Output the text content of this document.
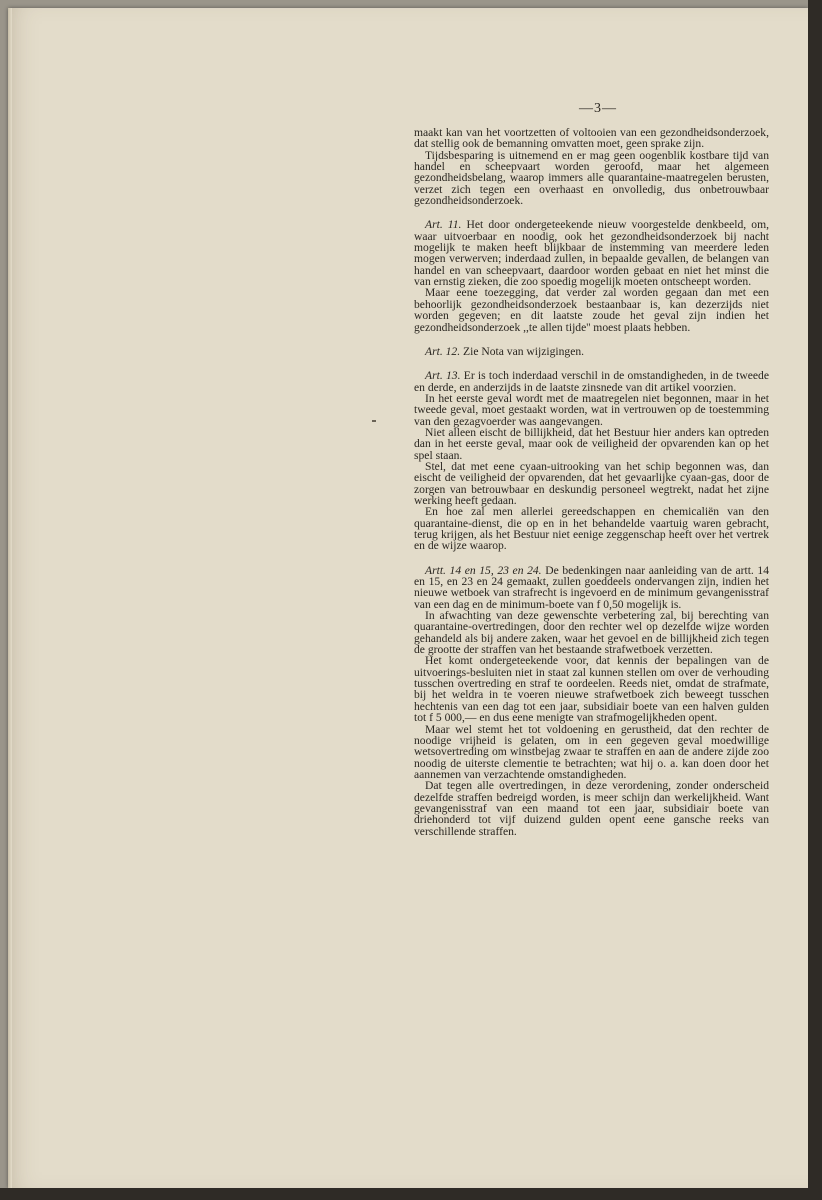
—3—

maakt kan van het voortzetten of voltooien van een gezondheidsonderzoek, dat stellig ook de bemanning omvatten moet, geen sprake zijn.

Tijdsbesparing is uitnemend en er mag geen oogenblik kostbare tijd van handel en scheepvaart worden geroofd, maar het algemeen gezondheidsbelang, waarop immers alle quarantaine-maatregelen berusten, verzet zich tegen een overhaast en onvolledig, dus onbetrouwbaar gezondheidsonderzoek.

Art. 11. Het door ondergeteekende nieuw voorgestelde denkbeeld, om, waar uitvoerbaar en noodig, ook het gezondheidsonderzoek bij nacht mogelijk te maken heeft blijkbaar de instemming van meerdere leden mogen verwerven; inderdaad zullen, in bepaalde gevallen, de belangen van handel en van scheepvaart, daardoor worden gebaat en niet het minst die van ernstig zieken, die zoo spoedig mogelijk moeten ontscheept worden.

Maar eene toezegging, dat verder zal worden gegaan dan met een behoorlijk gezondheidsonderzoek bestaanbaar is, kan dezerzijds niet worden gegeven; en dit laatste zoude het geval zijn indien het gezondheidsonderzoek ,,te allen tijde'' moest plaats hebben.

Art. 12. Zie Nota van wijzigingen.

Art. 13. Er is toch inderdaad verschil in de omstandigheden, in de tweede en derde, en anderzijds in de laatste zinsnede van dit artikel voorzien.

In het eerste geval wordt met de maatregelen niet begonnen, maar in het tweede geval, moet gestaakt worden, wat in vertrouwen op de toestemming van den gezagvoerder was aangevangen.

Niet alleen eischt de billijkheid, dat het Bestuur hier anders kan optreden dan in het eerste geval, maar ook de veiligheid der opvarenden kan op het spel staan.

Stel, dat met eene cyaan-uitrooking van het schip begonnen was, dan eischt de veiligheid der opvarenden, dat het gevaarlijke cyaan-gas, door de zorgen van betrouwbaar en deskundig personeel wegtrekt, nadat het zijne werking heeft gedaan.

En hoe zal men allerlei gereedschappen en chemicaliën van den quarantaine-dienst, die op en in het behandelde vaartuig waren gebracht, terug krijgen, als het Bestuur niet eenige zeggenschap heeft over het vertrek en de wijze waarop.

Artt. 14 en 15, 23 en 24. De bedenkingen naar aanleiding van de artt. 14 en 15, en 23 en 24 gemaakt, zullen goeddeels ondervangen zijn, indien het nieuwe wetboek van strafrecht is ingevoerd en de minimum gevangenisstraf van een dag en de minimum-boete van f 0,50 mogelijk is.

In afwachting van deze gewenschte verbetering zal, bij berechting van quarantaine-overtredingen, door den rechter wel op dezelfde wijze worden gehandeld als bij andere zaken, waar het gevoel en de billijkheid zich tegen de grootte der straffen van het bestaande strafwetboek verzetten.

Het komt ondergeteekende voor, dat kennis der bepalingen van de uitvoerings-besluiten niet in staat zal kunnen stellen om over de verhouding tusschen overtreding en straf te oordeelen. Reeds niet, omdat de strafmate, bij het weldra in te voeren nieuwe strafwetboek zich beweegt tusschen hechtenis van een dag tot een jaar, subsidiair boete van een halven gulden tot f 5 000,— en dus eene menigte van strafmogelijkheden opent.

Maar wel stemt het tot voldoening en gerustheid, dat den rechter de noodige vrijheid is gelaten, om in een gegeven geval moedwillige wetsovertreding om winstbejag zwaar te straffen en aan de andere zijde zoo noodig de uiterste clementie te betrachten; wat hij o. a. kan doen door het aannemen van verzachtende omstandigheden.

Dat tegen alle overtredingen, in deze verordening, zonder onderscheid dezelfde straffen bedreigd worden, is meer schijn dan werkelijkheid. Want gevangenisstraf van een maand tot een jaar, subsidiair boete van driehonderd tot vijf duizend gulden opent eene gansche reeks van verschillende straffen.
